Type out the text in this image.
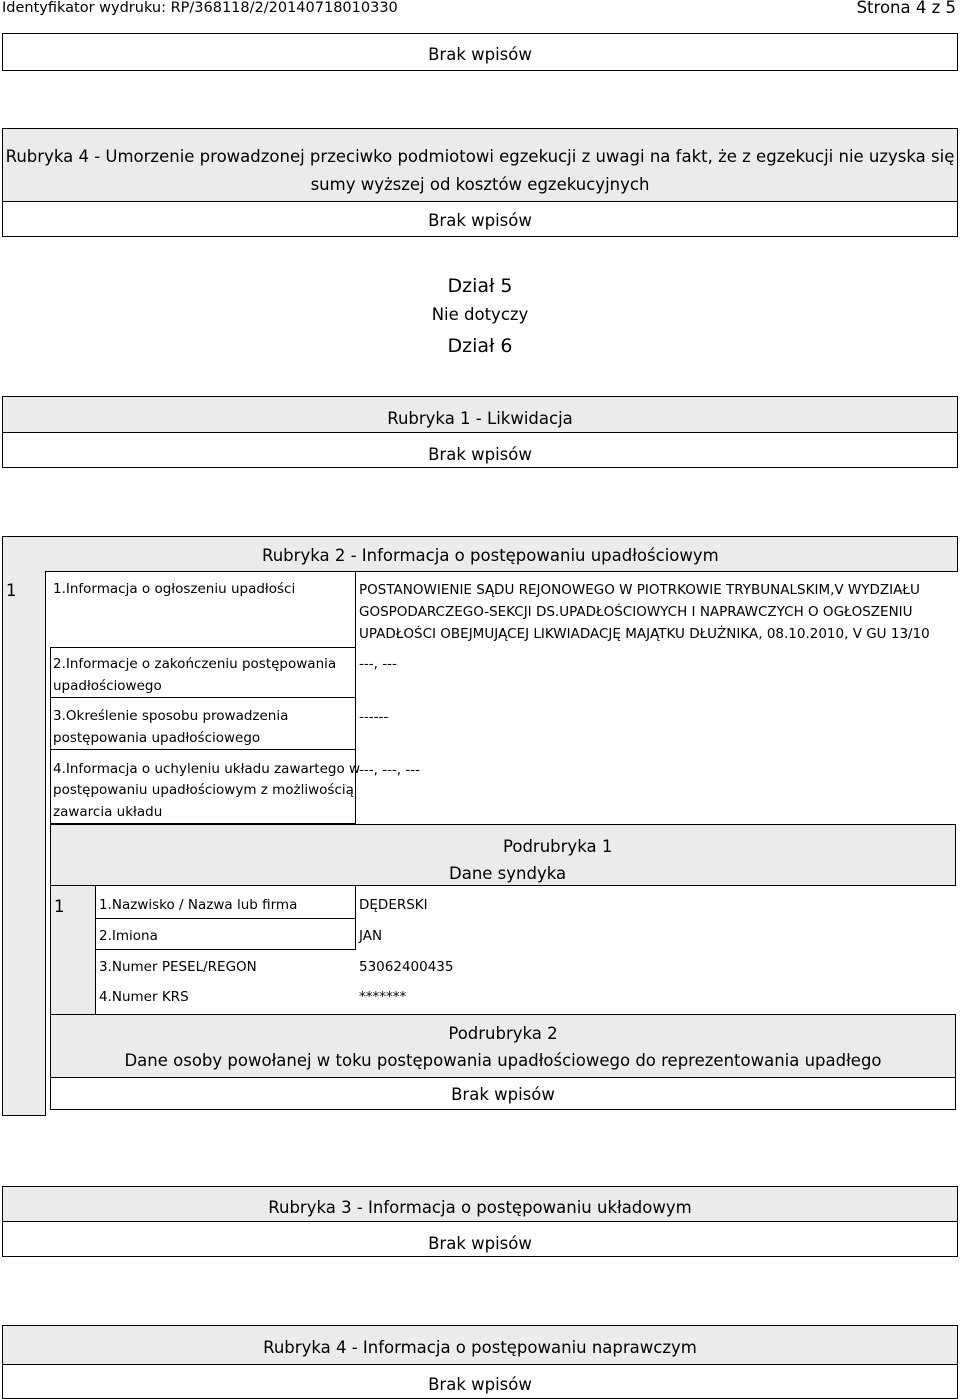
Identyfikator wydruku: RP/368118/2/20140718010330	Strona 4 z 5
Brak wpisów
Rubryka 4 - Umorzenie prowadzonej przeciwko podmiotowi egzekucji z uwagi na fakt, że z egzekucji nie uzyska się
sumy wyższej od kosztów egzekucyjnych
Brak wpisów
Dział 5
Nie dotyczy
Dział 6
Rubryka 1 - Likwidacja
Brak wpisów
Rubryka 2 - Informacja o postępowaniu upadłościowym
1	1.Informacja o ogłoszeniu upadłości	POSTANOWIENIE SĄDU REJONOWEGO W PIOTRKOWIE TRYBUNALSKIM,V WYDZIAŁU
GOSPODARCZEGO-SEKCJI DS.UPADŁOŚCIOWYCH I NAPRAWCZYCH O OGŁOSZENIU
UPADŁOŚCI OBEJMUJĄCEJ LIKWIADACJĘ MAJĄTKU DŁUŻNIKA, 08.10.2010, V GU 13/10
2.Informacje o zakończeniu postępowania
upadłościowego
---, ---
3.Określenie sposobu prowadzenia
postępowania upadłościowego
------
4.Informacja o uchyleniu układu zawartego w
postępowaniu upadłościowym z możliwością
zawarcia układu
---, ---, ---
Podrubryka 1
Dane syndyka
1	1.Nazwisko / Nazwa lub firma	DĘDERSKI
2.Imiona	JAN
3.Numer PESEL/REGON	53062400435
4.Numer KRS	*******
Podrubryka 2
Dane osoby powołanej w toku postępowania upadłościowego do reprezentowania upadłego
Brak wpisów
Rubryka 3 - Informacja o postępowaniu układowym
Brak wpisów
Rubryka 4 - Informacja o postępowaniu naprawczym
Brak wpisów
